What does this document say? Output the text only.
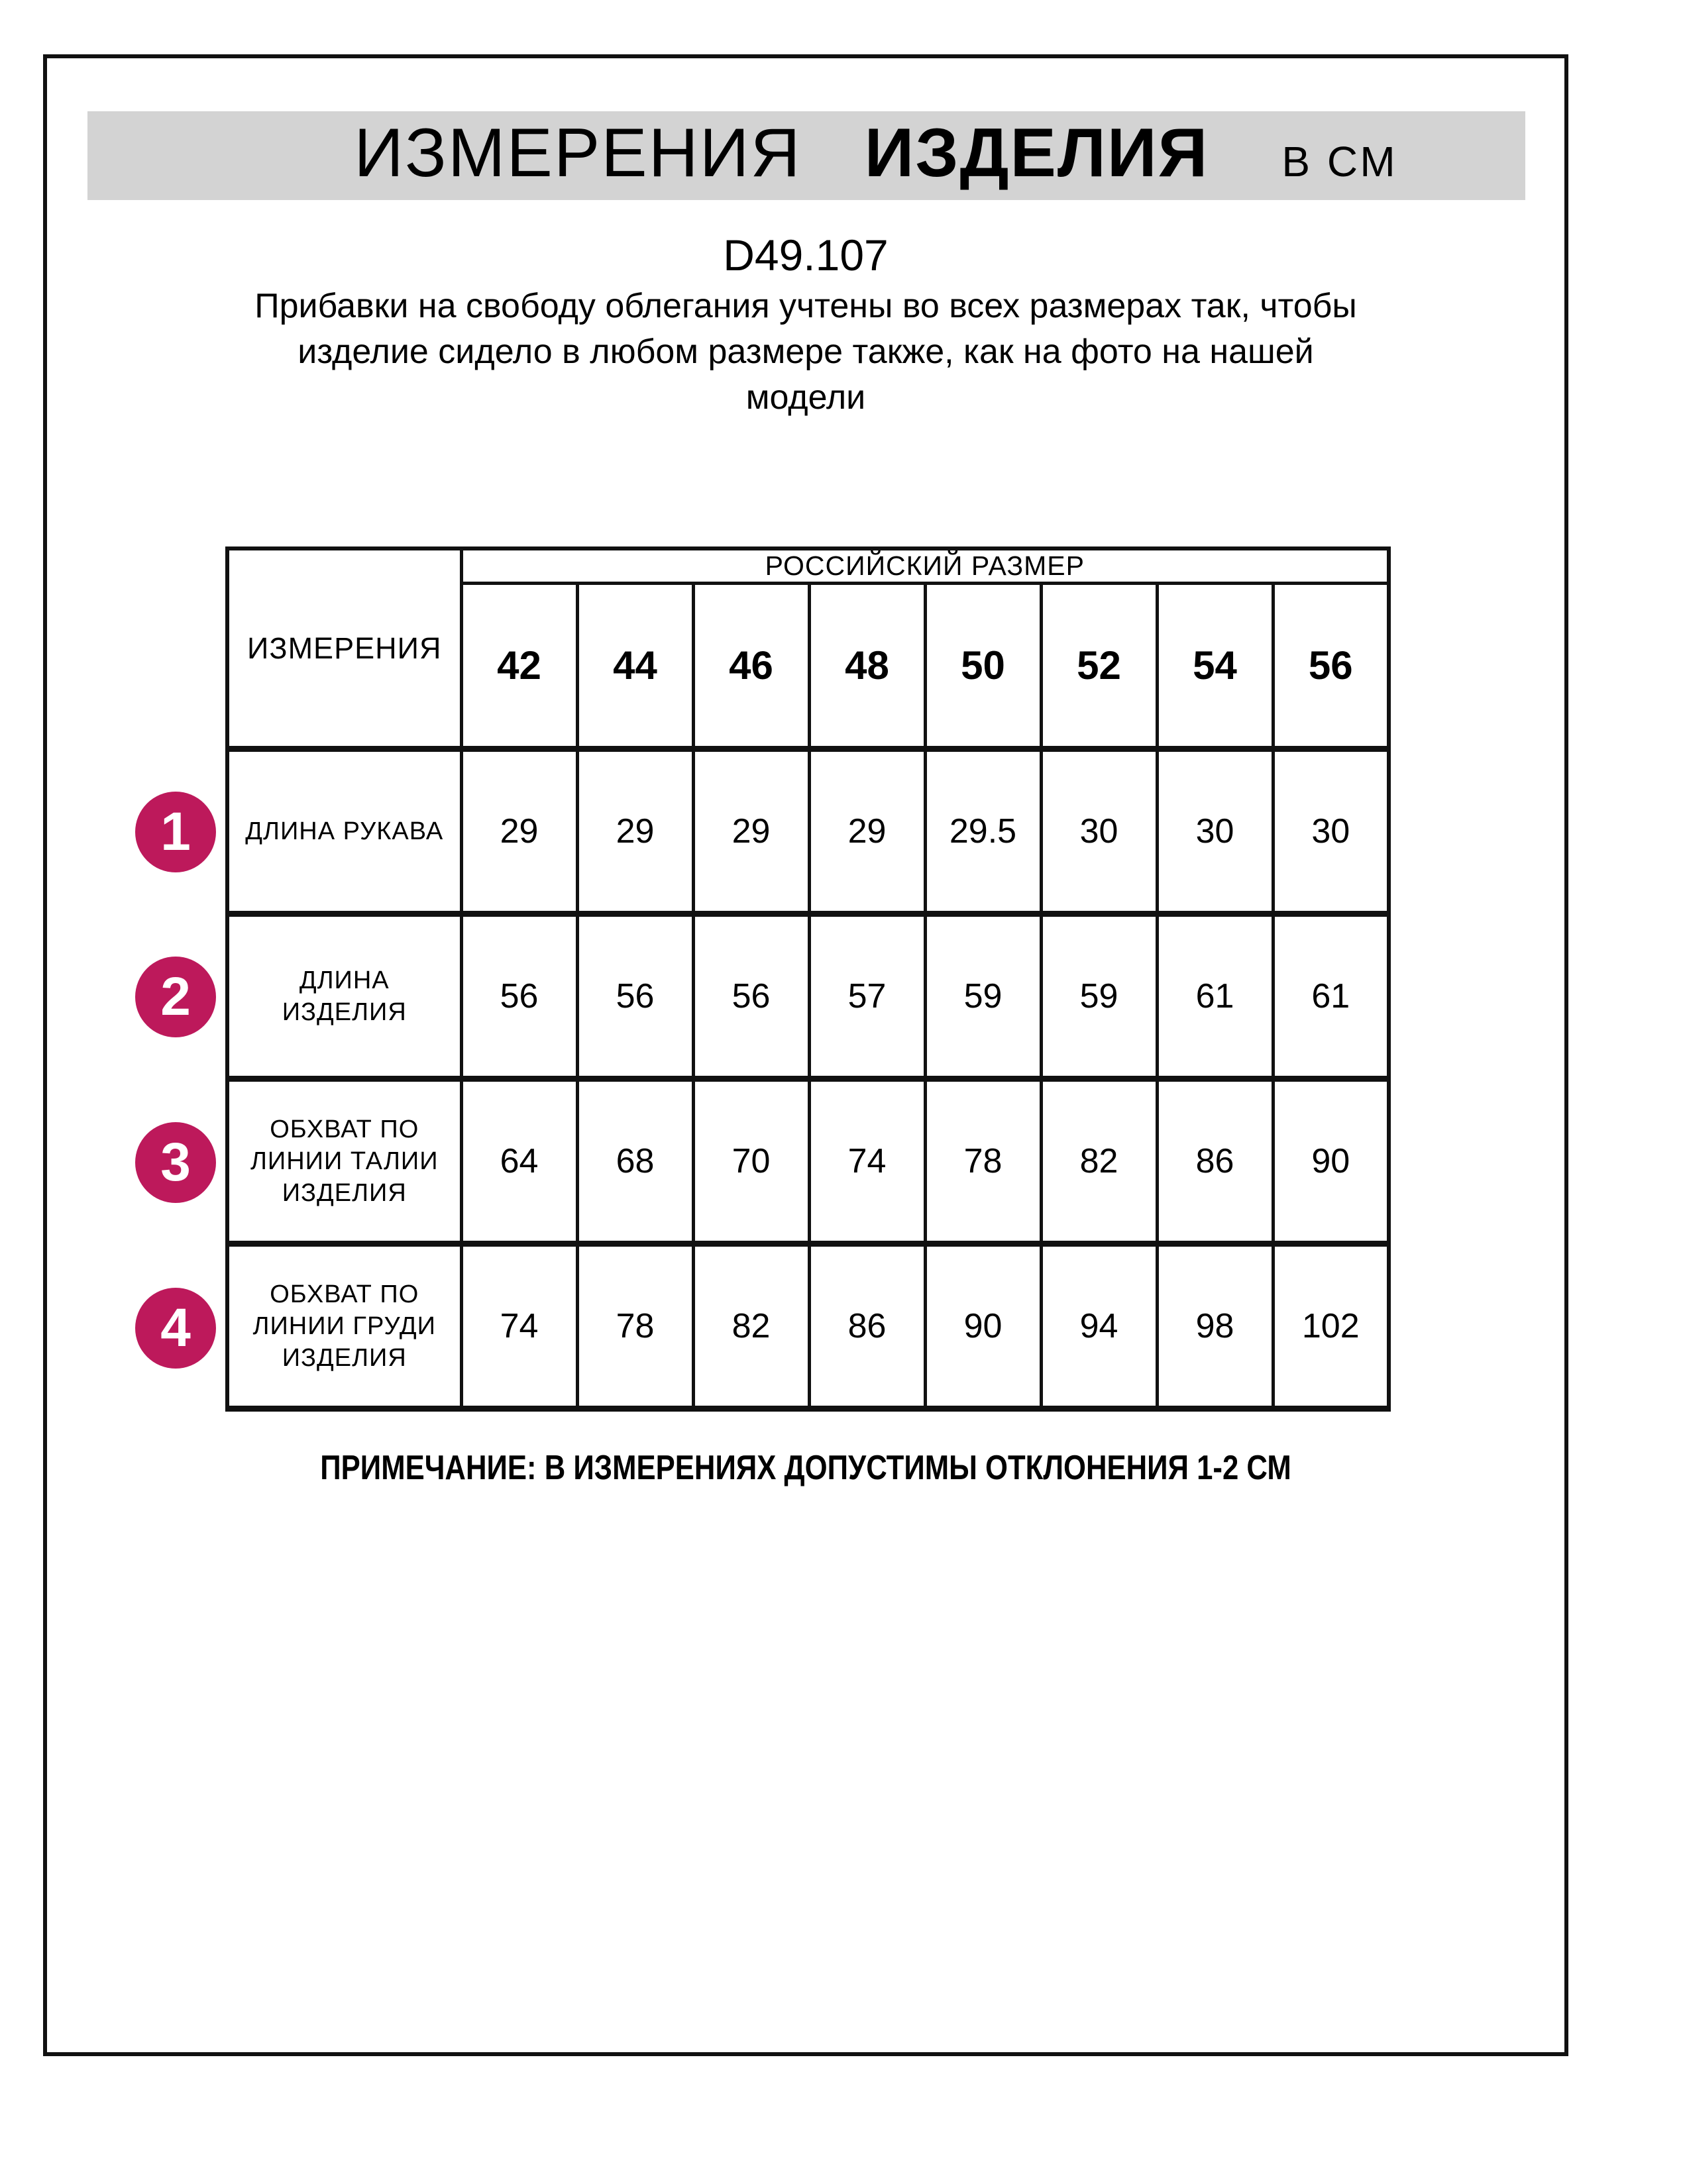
ИЗМЕРЕНИЯ ИЗДЕЛИЯ В СМ
D49.107
Прибавки на свободу облегания учтены во всех размерах так, чтобы
изделие сидело в любом размере также, как на фото на нашей
модели
ИЗМЕРЕНИЯ	РОССИЙСКИЙ РАЗМЕР							
	42	44	46	48	50	52	54	56

ДЛИНА РУКАВА	29	29	29	29	29.5	30	30	30

ДЛИНА
ИЗДЕЛИЯ	56	56	56	57	59	59	61	61

ОБХВАТ ПО
ЛИНИИ ТАЛИИ
ИЗДЕЛИЯ	64	68	70	74	78	82	86	90

ОБХВАТ ПО
ЛИНИИ ГРУДИ
ИЗДЕЛИЯ	74	78	82	86	90	94	98	102
1
2
3
4
ПРИМЕЧАНИЕ: В ИЗМЕРЕНИЯХ ДОПУСТИМЫ ОТКЛОНЕНИЯ 1-2 СМ
